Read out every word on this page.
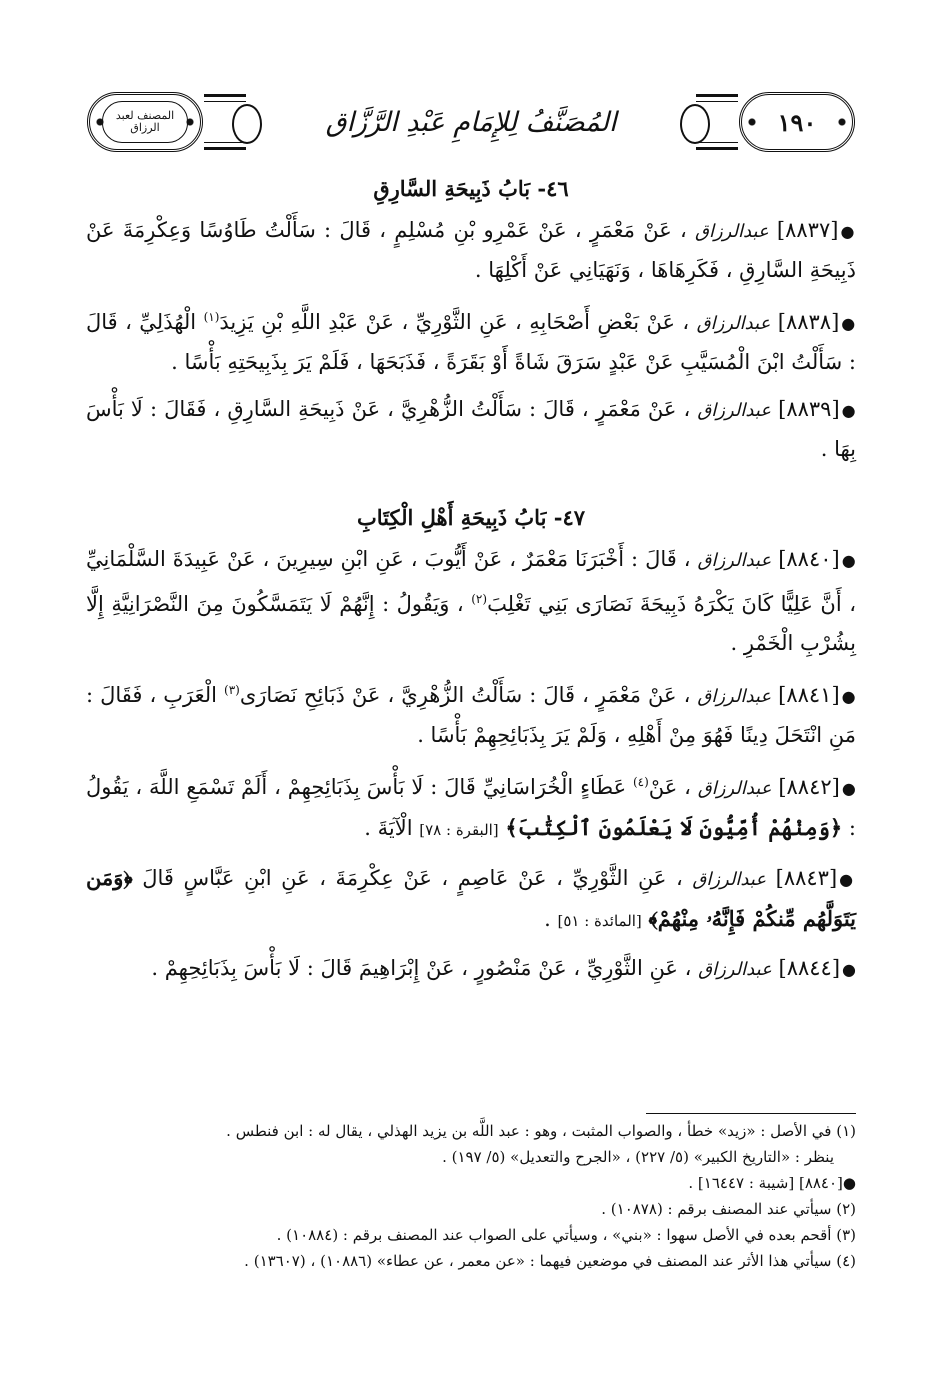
المصنف لعبد الرزاق	المُصَنَّفُ لِلإِمَامِ عَبْدِ الرَّزَّاق	١٩٠
٤٦- بَابُ ذَبِيحَةِ السَّارِقِ

●[٨٨٣٧] عبدالرزاق ، عَنْ مَعْمَرٍ ، عَنْ عَمْرِو بْنِ مُسْلِمٍ ، قَالَ : سَأَلْتُ طَاوُسًا وَعِكْرِمَةَ عَنْ ذَبِيحَةِ السَّارِقِ ، فَكَرِهَاهَا ، وَنَهَيَانِي عَنْ أَكْلِهَا .

●[٨٨٣٨] عبدالرزاق ، عَنْ بَعْضِ أَصْحَابِهِ ، عَنِ الثَّوْرِيِّ ، عَنْ عَبْدِ اللَّهِ بْنِ يَزِيدَ$^{(١)}$ الْهُذَلِيِّ ، قَالَ : سَأَلْتُ ابْنَ الْمُسَيَّبِ عَنْ عَبْدٍ سَرَقَ شَاةً أَوْ بَقَرَةً ، فَذَبَحَهَا ، فَلَمْ يَرَ بِذَبِيحَتِهِ بَأْسًا .

●[٨٨٣٩] عبدالرزاق ، عَنْ مَعْمَرٍ ، قَالَ : سَأَلْتُ الزُّهْرِيَّ ، عَنْ ذَبِيحَةِ السَّارِقِ ، فَقَالَ : لَا بَأْسَ بِهَا .

٤٧- بَابُ ذَبِيحَةِ أَهْلِ الْكِتَابِ

●[٨٨٤٠] عبدالرزاق ، قَالَ : أَخْبَرَنَا مَعْمَرٌ ، عَنْ أَيُّوبَ ، عَنِ ابْنِ سِيرِينَ ، عَنْ عَبِيدَةَ السَّلْمَانِيِّ ، أَنَّ عَلِيًّا كَانَ يَكْرَهُ ذَبِيحَةَ نَصَارَى بَنِي تَغْلِبَ$^{(٢)}$ ، وَيَقُولُ : إِنَّهُمْ لَا يَتَمَسَّكُونَ مِنَ النَّصْرَانِيَّةِ إِلَّا بِشُرْبِ الْخَمْرِ .

●[٨٨٤١] عبدالرزاق ، عَنْ مَعْمَرٍ ، قَالَ : سَأَلْتُ الزُّهْرِيَّ ، عَنْ ذَبَائِحِ نَصَارَى$^{(٣)}$ الْعَرَبِ ، فَقَالَ : مَنِ انْتَحَلَ دِينًا فَهُوَ مِنْ أَهْلِهِ ، وَلَمْ يَرَ بِذَبَائِحِهِمْ بَأْسًا .

●[٨٨٤٢] عبدالرزاق ، عَنْ$^{(٤)}$ عَطَاءٍ الْخُرَاسَانِيِّ قَالَ : لَا بَأْسَ بِذَبَائِحِهِمْ ، أَلَمْ تَسْمَعِ اللَّهَ ، يَقُولُ : ﴿وَمِنْهُمْ أُمِّيُّونَ لَا يَعْلَمُونَ ٱلْكِتَٰبَ﴾ [البقرة : ٧٨] الْآيَةَ .

●[٨٨٤٣] عبدالرزاق ، عَنِ الثَّوْرِيِّ ، عَنْ عَاصِمٍ ، عَنْ عِكْرِمَةَ ، عَنِ ابْنِ عَبَّاسٍ قَالَ ﴿وَمَن يَتَوَلَّهُم مِّنكُمْ فَإِنَّهُۥ مِنْهُمْ﴾ [المائدة : ٥١] .

●[٨٨٤٤] عبدالرزاق ، عَنِ الثَّوْرِيِّ ، عَنْ مَنْصُورٍ ، عَنْ إِبْرَاهِيمَ قَالَ : لَا بَأْسَ بِذَبَائِحِهِمْ .

(١) في الأصل : «زيد» خطأ ، والصواب المثبت ، وهو : عبد اللَّه بن يزيد الهذلي ، يقال له : ابن فنطس .

ينظر : «التاريخ الكبير» (٥/ ٢٢٧) ، «الجرح والتعديل» (٥/ ١٩٧) .

●[٨٨٤٠] [شيبة : ١٦٤٤٧] .

(٢) سيأتي عند المصنف برقم : (١٠٨٧٨) .

(٣) أقحم بعده في الأصل سهوا : «بني» ، وسيأتي على الصواب عند المصنف برقم : (١٠٨٨٤) .

(٤) سيأتي هذا الأثر عند المصنف في موضعين فيهما : «عن معمر ، عن عطاء» (١٠٨٨٦) ، (١٣٦٠٧) .
